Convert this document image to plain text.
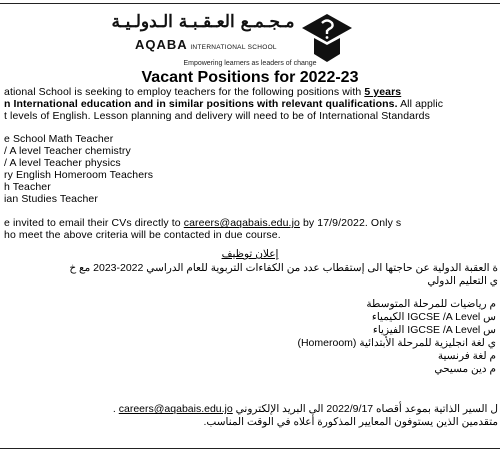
مـجـمـع العـقـبـة الـدولـيـة
AQABA INTERNATIONAL SCHOOL
Empowering learners as leaders of change
Vacant Positions for 2022-23
ational School is seeking to employ teachers for the following positions with 5 years
n International education and in similar positions with relevant qualifications. All applic
t levels of English. Lesson planning and delivery will need to be of International Standards
e School Math Teacher
/ A level Teacher chemistry
/ A level Teacher physics
ry English Homeroom Teachers
h Teacher
ian Studies Teacher
e invited to email their CVs directly to careers@aqabais.edu.jo by 17/9/2022. Only s
ho meet the above criteria will be contacted in due course.
إعلان توظيف
ة العقبة الدولية عن حاجتها الى إستقطاب عدد من الكفاءات التربوية للعام الدراسي 2022-2023 مع خ
ي التعليم الدولي
م رياضيات للمرحلة المتوسطة
س IGCSE /A Level الكيمياء
س IGCSE /A Level الفيزياء
ي لغة انجليزية للمرحلة الأبتدائية (Homeroom)
م لغة فرنسية
م دين مسيحي
ل السير الذاتية بموعد أقصاه 2022/9/17 الى البريد الإلكتروني careers@aqabais.edu.jo .
متقدمين الذين يستوفون المعايير المذكورة أعلاه في الوقت المناسب.
